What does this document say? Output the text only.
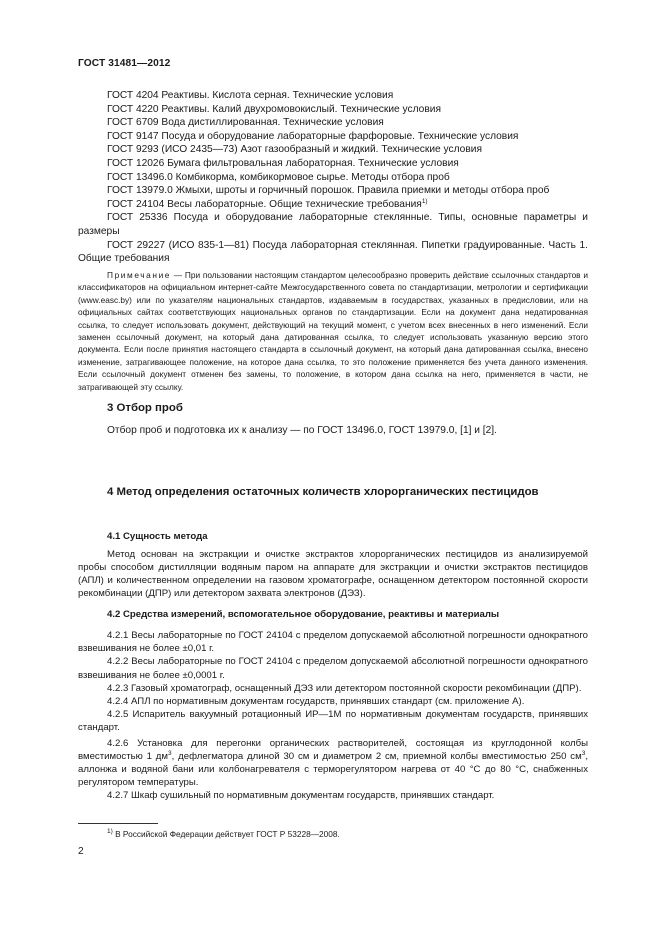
ГОСТ 31481—2012
ГОСТ 4204 Реактивы. Кислота серная. Технические условия
ГОСТ 4220 Реактивы. Калий двухромовокислый. Технические условия
ГОСТ 6709 Вода дистиллированная. Технические условия
ГОСТ 9147 Посуда и оборудование лабораторные фарфоровые. Технические условия
ГОСТ 9293 (ИСО 2435—73) Азот газообразный и жидкий. Технические условия
ГОСТ 12026 Бумага фильтровальная лабораторная. Технические условия
ГОСТ 13496.0 Комбикорма, комбикормовое сырье. Методы отбора проб
ГОСТ 13979.0 Жмыхи, шроты и горчичный порошок. Правила приемки и методы отбора проб
ГОСТ 24104 Весы лабораторные. Общие технические требования$^{1)}$
ГОСТ 25336 Посуда и оборудование лабораторные стеклянные. Типы, основные параметры и размеры
ГОСТ 29227 (ИСО 835-1—81) Посуда лабораторная стеклянная. Пипетки градуированные. Часть 1. Общие требования
Примечание — При пользовании настоящим стандартом целесообразно проверить действие ссылочных стандартов и классификаторов на официальном интернет-сайте Межгосударственного совета по стандартизации, метрологии и сертификации (www.easc.by) или по указателям национальных стандартов, издаваемым в государствах, указанных в предисловии, или на официальных сайтах соответствующих национальных органов по стандартизации. Если на документ дана недатированная ссылка, то следует использовать документ, действующий на текущий момент, с учетом всех внесенных в него изменений. Если заменен ссылочный документ, на который дана датированная ссылка, то следует использовать указанную версию этого документа. Если после принятия настоящего стандарта в ссылочный документ, на который дана датированная ссылка, внесено изменение, затрагивающее положение, на которое дана ссылка, то это положение применяется без учета данного изменения. Если ссылочный документ отменен без замены, то положение, в котором дана ссылка на него, применяется в части, не затрагивающей эту ссылку.
3 Отбор проб
Отбор проб и подготовка их к анализу — по ГОСТ 13496.0, ГОСТ 13979.0, [1] и [2].
4 Метод определения остаточных количеств хлорорганических пестицидов
4.1 Сущность метода
Метод основан на экстракции и очистке экстрактов хлорорганических пестицидов из анализируемой пробы способом дистилляции водяным паром на аппарате для экстракции и очистки экстрактов пестицидов (АПЛ) и количественном определении на газовом хроматографе, оснащенном детектором постоянной скорости рекомбинации (ДПР) или детектором захвата электронов (ДЭЗ).
4.2 Средства измерений, вспомогательное оборудование, реактивы и материалы
4.2.1 Весы лабораторные по ГОСТ 24104 с пределом допускаемой абсолютной погрешности однократного взвешивания не более ±0,01 г.
4.2.2 Весы лабораторные по ГОСТ 24104 с пределом допускаемой абсолютной погрешности однократного взвешивания не более ±0,0001 г.
4.2.3 Газовый хроматограф, оснащенный ДЭЗ или детектором постоянной скорости рекомбинации (ДПР).
4.2.4 АПЛ по нормативным документам государств, принявших стандарт (см. приложение А).
4.2.5 Испаритель вакуумный ротационный ИР—1М по нормативным документам государств, принявших стандарт.
4.2.6 Установка для перегонки органических растворителей, состоящая из круглодонной колбы вместимостью 1 $дм^3$, дефлегматора длиной 30 см и диаметром 2 см, приемной колбы вместимостью 250 $см^3$, аллонжа и водяной бани или колбонагревателя с терморегулятором нагрева от 40 °С до 80 °С, снабженных регулятором температуры.
4.2.7 Шкаф сушильный по нормативным документам государств, принявших стандарт.
$^{1)}$ В Российской Федерации действует ГОСТ Р 53228—2008.
2
